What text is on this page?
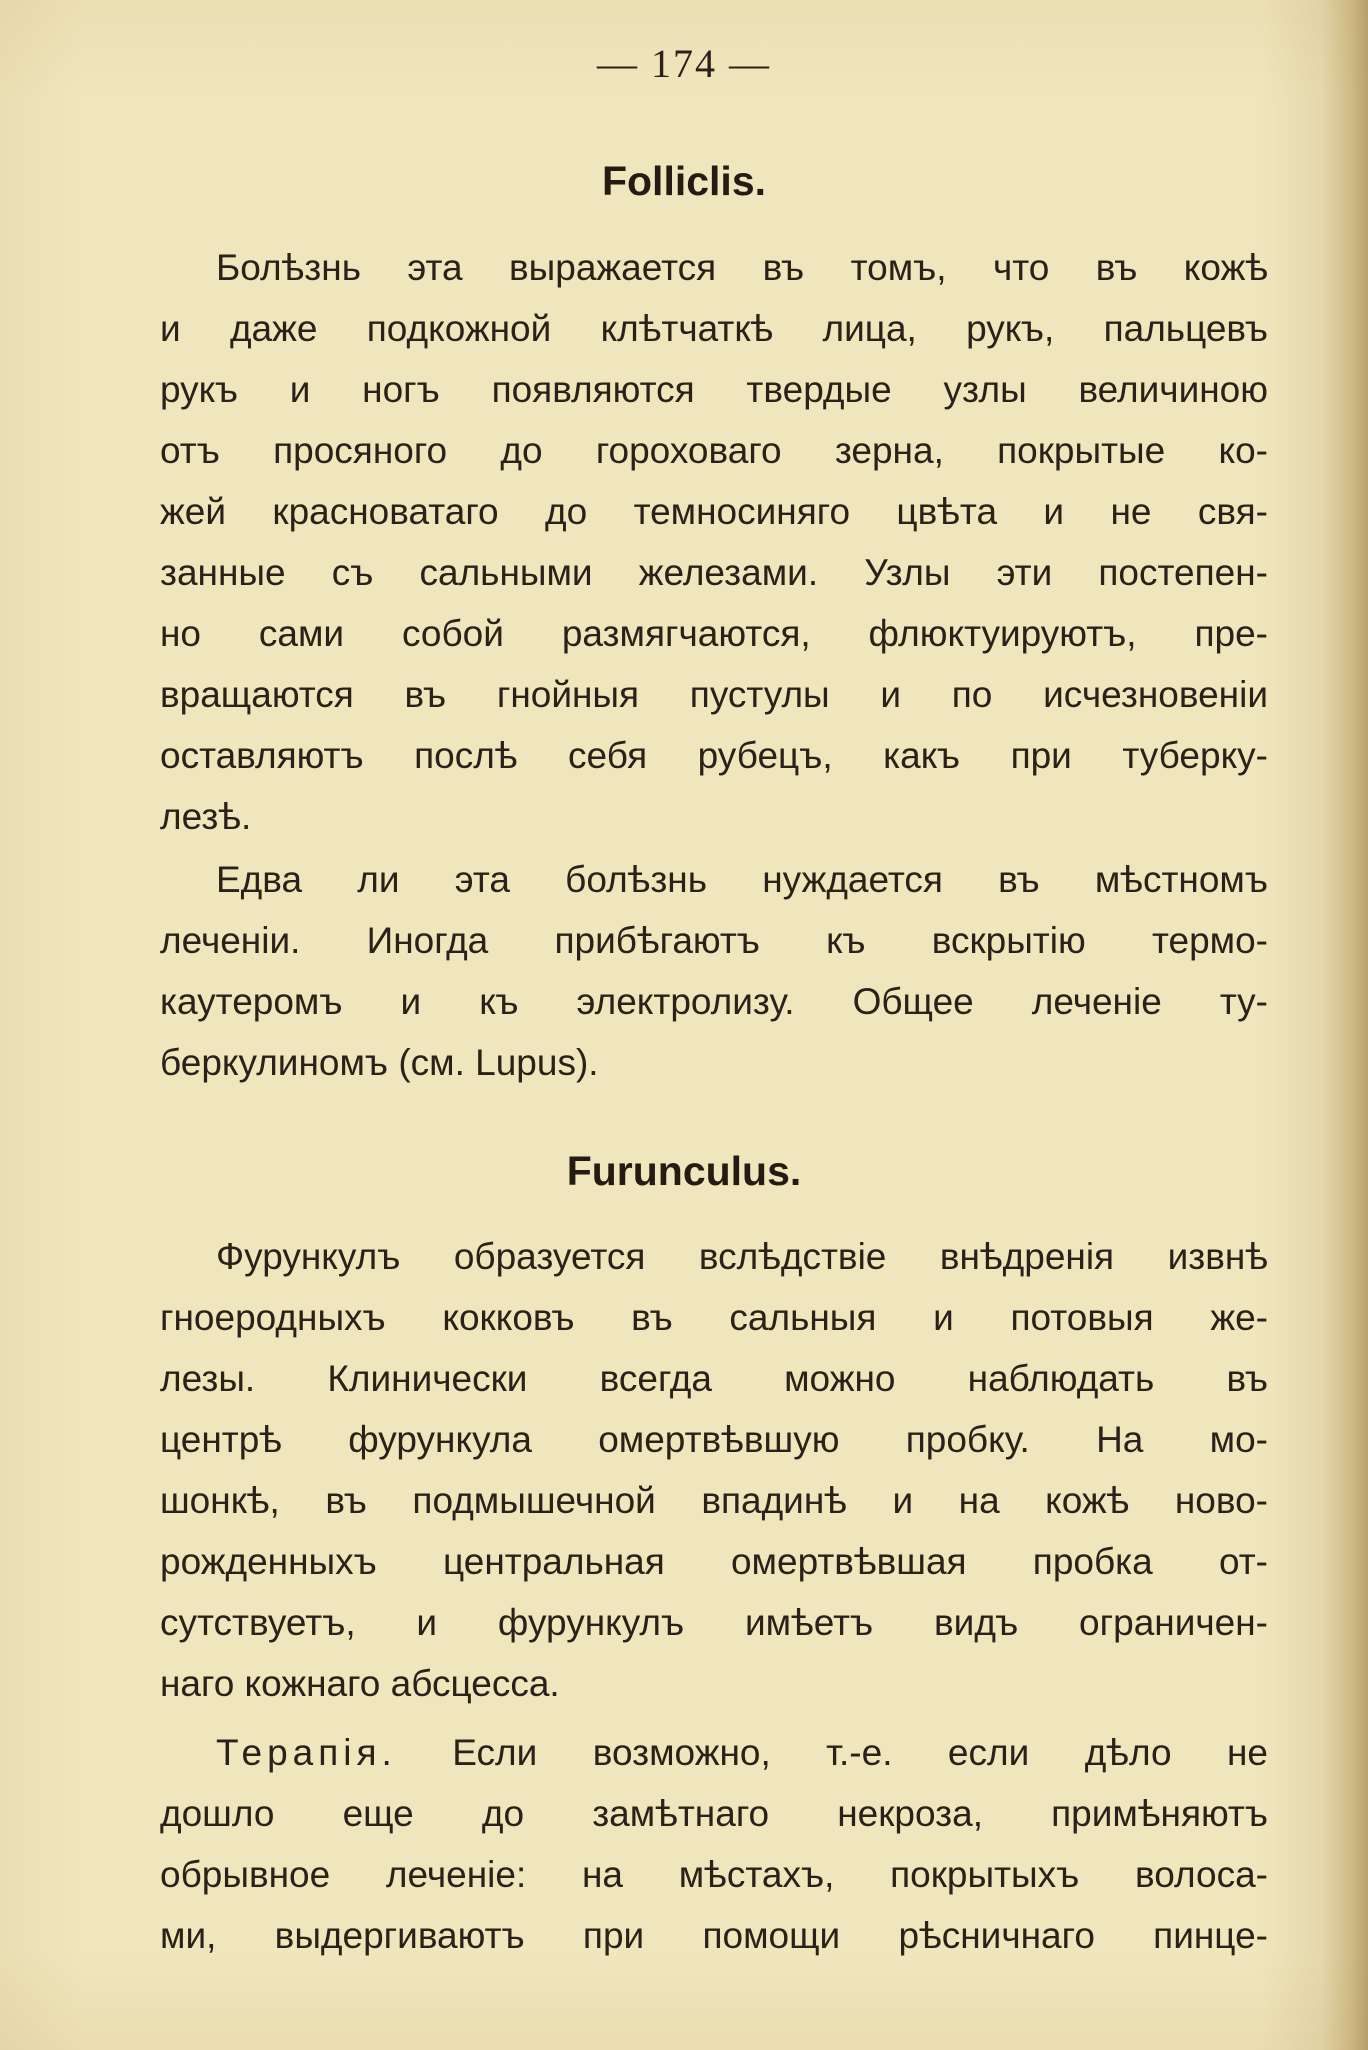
— 174 —
Folliclis.
Болѣзнь эта выражается въ томъ, что въ кожѣ
и даже подкожной клѣтчаткѣ лица, рукъ, пальцевъ
рукъ и ногъ появляются твердые узлы величиною
отъ просяного до гороховаго зерна, покрытые ко-
жей красноватаго до темносиняго цвѣта и не свя-
занные съ сальными железами. Узлы эти постепен-
но сами собой размягчаются, флюктуируютъ, пре-
вращаются въ гнойныя пустулы и по исчезновенiи
оставляютъ послѣ себя рубецъ, какъ при туберку-
лезѣ.
Едва ли эта болѣзнь нуждается въ мѣстномъ
леченiи. Иногда прибѣгаютъ къ вскрытiю термо-
каутеромъ и къ электролизу. Общее леченiе ту-
беркулиномъ (см. Lupus).
Furunculus.
Фурункулъ образуется вслѣдствiе внѣдренiя извнѣ
гноеродныхъ кокковъ въ сальныя и потовыя же-
лезы. Клинически всегда можно наблюдать въ
центрѣ фурункула омертвѣвшую пробку. На мо-
шонкѣ, въ подмышечной впадинѣ и на кожѣ ново-
рожденныхъ центральная омертвѣвшая пробка от-
сутствуетъ, и фурункулъ имѣетъ видъ ограничен-
наго кожнаго абсцесса.
Терапiя. Если возможно, т.-е. если дѣло не
дошло еще до замѣтнаго некроза, примѣняютъ
обрывное леченiе: на мѣстахъ, покрытыхъ волоса-
ми, выдергиваютъ при помощи рѣсничнаго пинце-
